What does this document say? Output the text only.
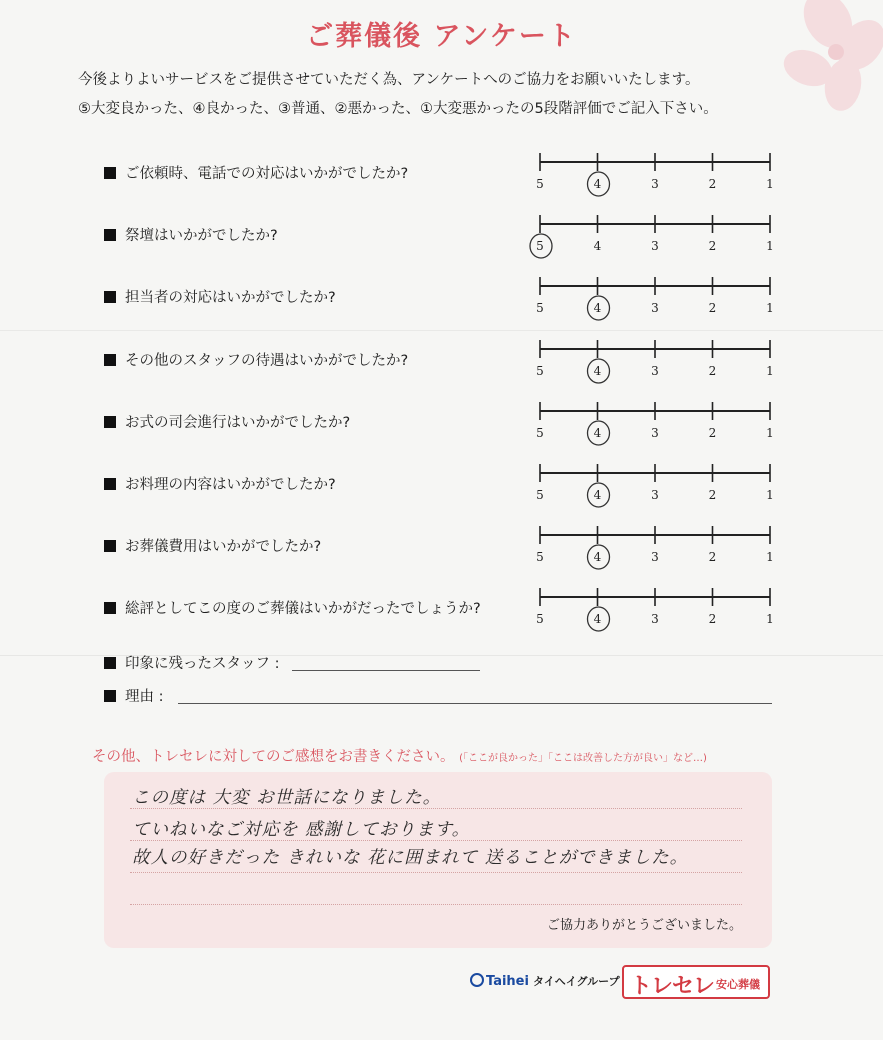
ご葬儀後 アンケート
今後よりよいサービスをご提供させていただく為、アンケートへのご協力をお願いいたします。
⑤大変良かった、④良かった、③普通、②悪かった、①大変悪かったの5段階評価でご記入下さい。
ご依頼時、電話での対応はいかがでしたか?
5	4	3	2	1
祭壇はいかがでしたか?
5	4	3	2	1
担当者の対応はいかがでしたか?
5	4	3	2	1
その他のスタッフの待遇はいかがでしたか?
5	4	3	2	1
お式の司会進行はいかがでしたか?
5	4	3	2	1
お料理の内容はいかがでしたか?
5	4	3	2	1
お葬儀費用はいかがでしたか?
5	4	3	2	1
総評としてこの度のご葬儀はいかがだったでしょうか?
5	4	3	2	1
印象に残ったスタッフ :
理由 :
その他、トレセレに対してのご感想をお書きください。 (「ここが良かった」「ここは改善した方が良い」など…)
この度は 大変 お世話になりました。
ていねいなご対応を 感謝しております。
故人の好きだった きれいな 花に囲まれて 送ることができました。
ご協力ありがとうございました。
Taihei タイヘイグループ トレセレ 安心葬儀
